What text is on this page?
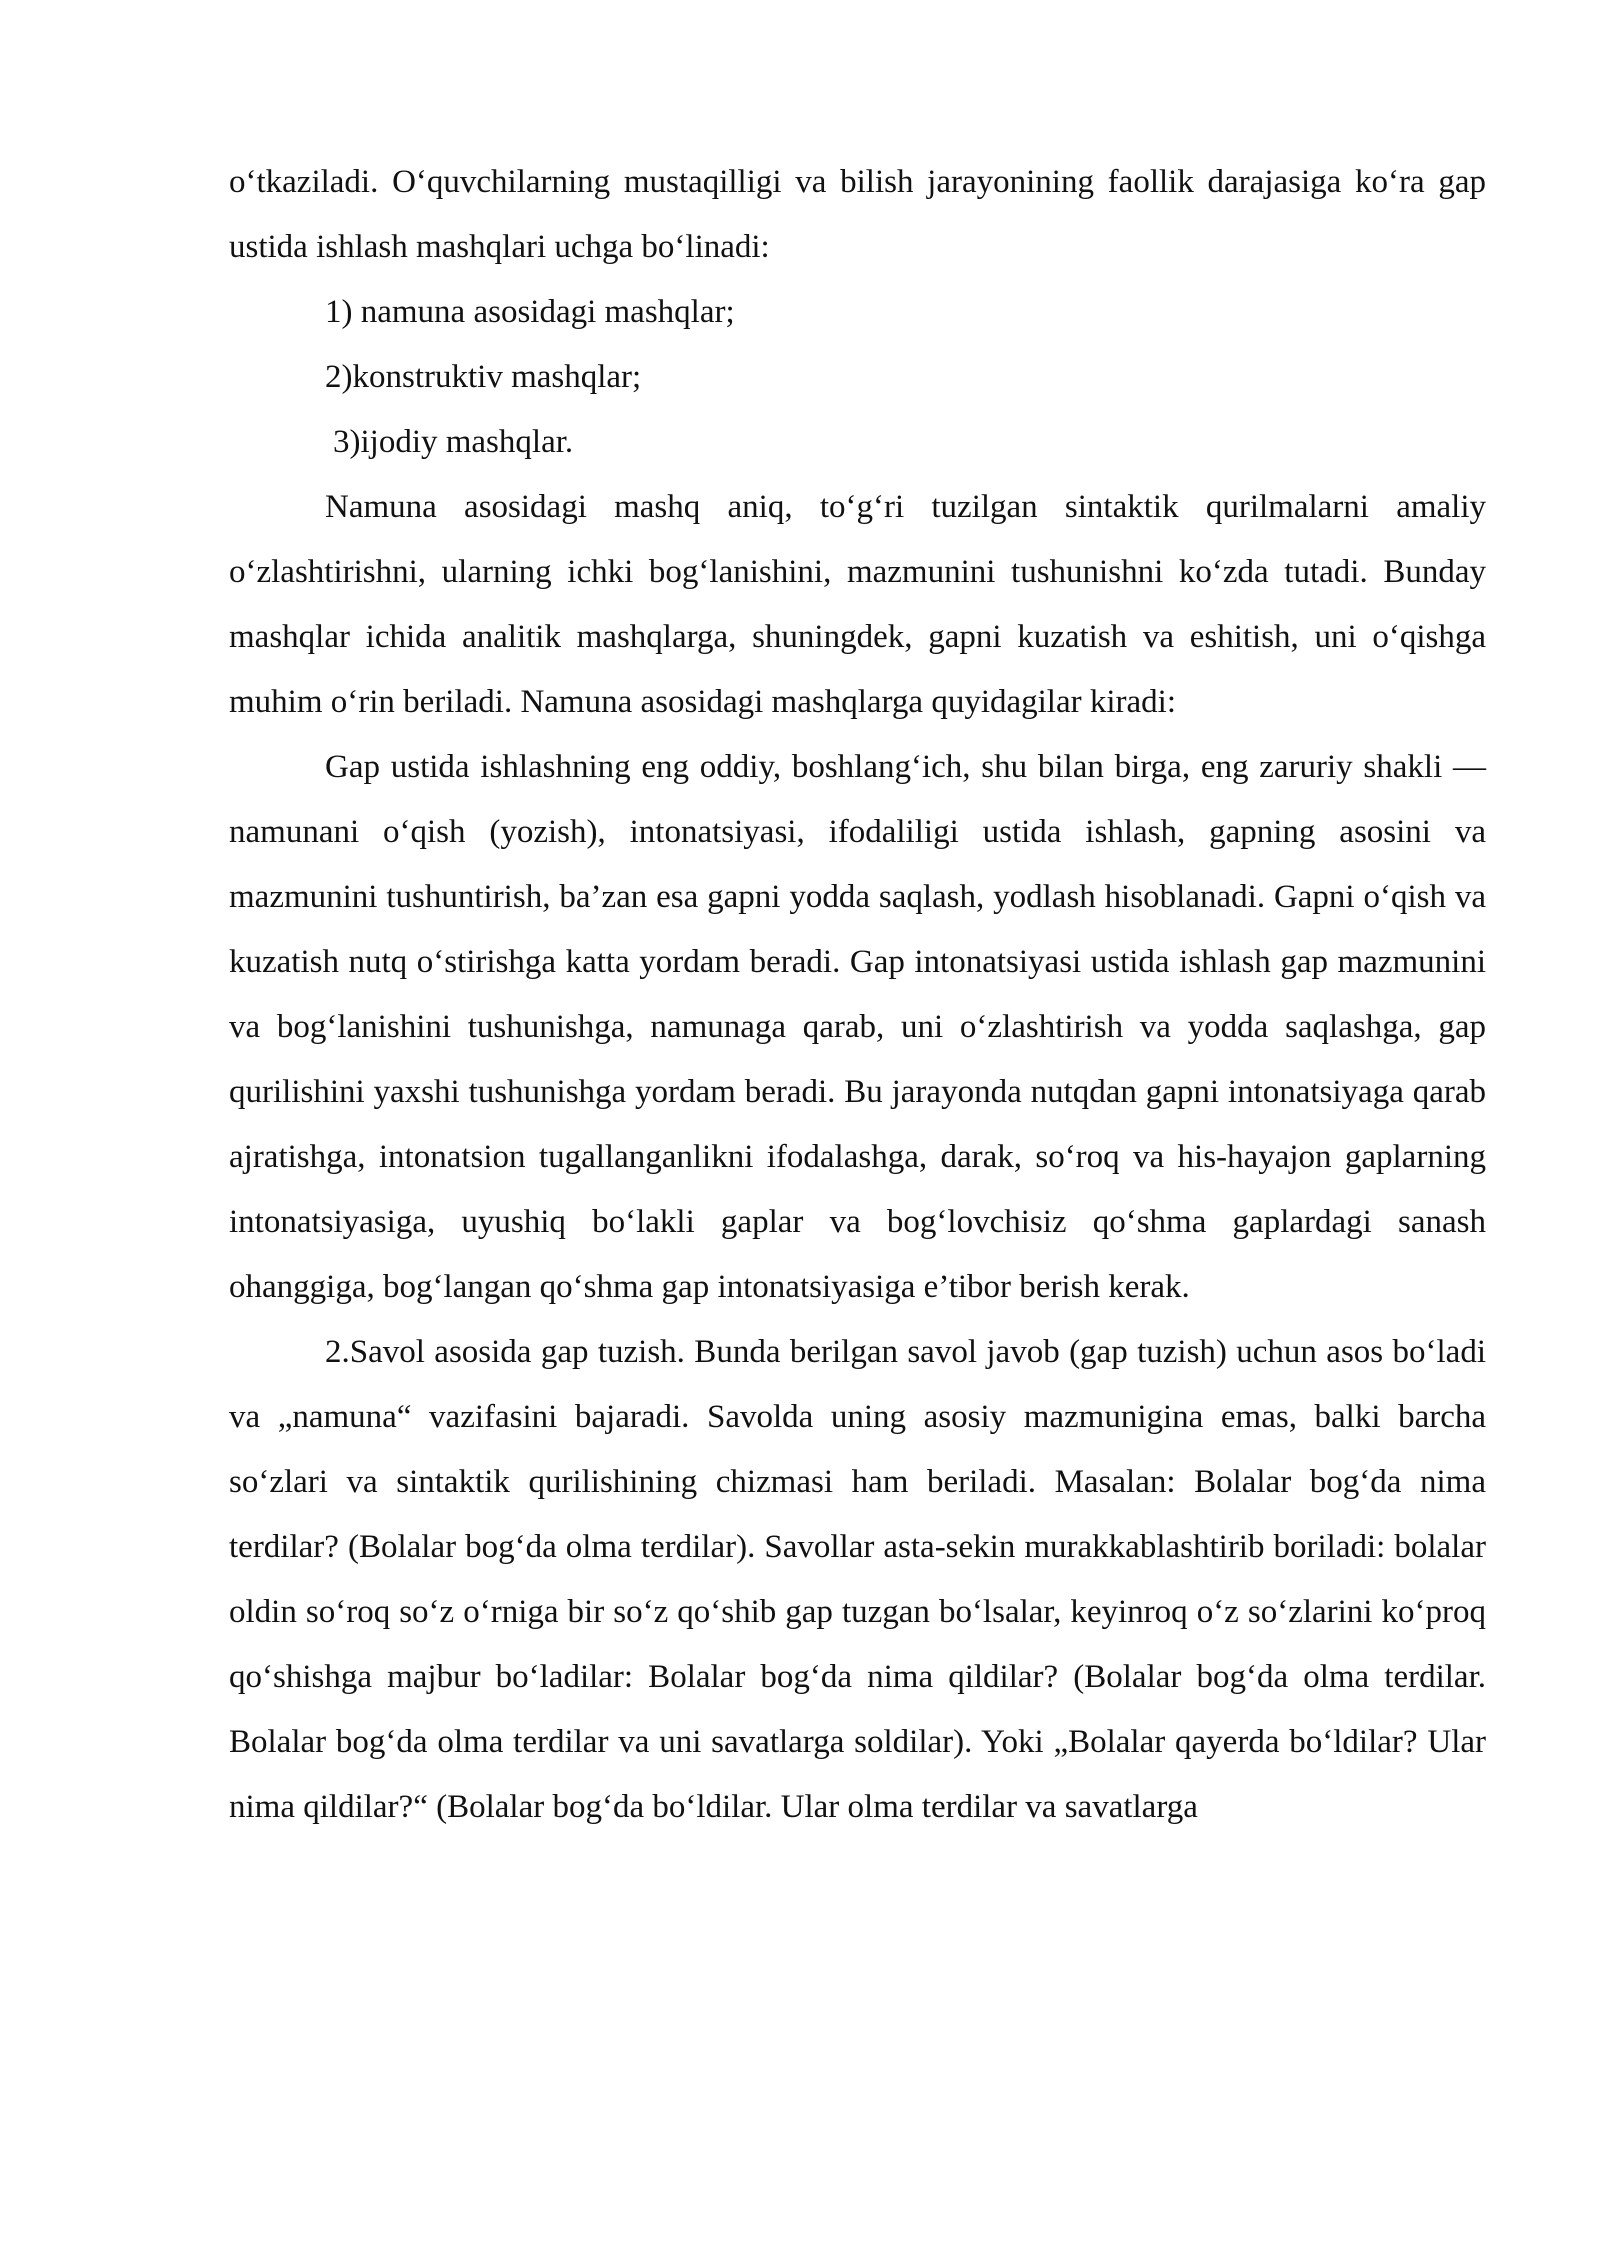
o‘tkaziladi. O‘quvchilarning mustaqilligi va bilish jarayonining faollik darajasiga ko‘ra gap ustida ishlash mashqlari uchga bo‘linadi:

1) namuna asosidagi mashqlar;

2)konstruktiv mashqlar;

3)ijodiy mashqlar.

Namuna asosidagi mashq aniq, to‘g‘ri tuzilgan sintaktik qurilmalarni amaliy o‘zlashtirishni, ularning ichki bog‘lanishini, mazmunini tushunishni ko‘zda tutadi. Bunday mashqlar ichida analitik mashqlarga, shuningdek, gapni kuzatish va eshitish, uni o‘qishga muhim o‘rin beriladi. Namuna asosidagi mashqlarga quyidagilar kiradi:

Gap ustida ishlashning eng oddiy, boshlang‘ich, shu bilan birga, eng zaruriy shakli — namunani o‘qish (yozish), intonatsiyasi, ifodaliligi ustida ishlash, gapning asosini va mazmunini tushuntirish, ba’zan esa gapni yodda saqlash, yodlash hisoblanadi. Gapni o‘qish va kuzatish nutq o‘stirishga katta yordam beradi. Gap intonatsiyasi ustida ishlash gap mazmunini va bog‘lanishini tushunishga, namunaga qarab, uni o‘zlashtirish va yodda saqlashga, gap qurilishini yaxshi tushunishga yordam beradi. Bu jarayonda nutqdan gapni intonatsiyaga qarab ajratishga, intonatsion tugallanganlikni ifodalashga, darak, so‘roq va his-hayajon gaplarning intonatsiyasiga, uyushiq bo‘lakli gaplar va bog‘lovchisiz qo‘shma gaplardagi sanash ohanggiga, bog‘langan qo‘shma gap intonatsiyasiga e’tibor berish kerak.

2.Savol asosida gap tuzish. Bunda berilgan savol javob (gap tuzish) uchun asos bo‘ladi va „namuna“ vazifasini bajaradi. Savolda uning asosiy mazmunigina emas, balki barcha so‘zlari va sintaktik qurilishining chizmasi ham beriladi. Masalan: Bolalar bog‘da nima terdilar? (Bolalar bog‘da olma terdilar). Savollar asta-sekin murakkablashtirib boriladi: bolalar oldin so‘roq so‘z o‘rniga bir so‘z qo‘shib gap tuzgan bo‘lsalar, keyinroq o‘z so‘zlarini ko‘proq qo‘shishga majbur bo‘ladilar: Bolalar bog‘da nima qildilar? (Bolalar bog‘da olma terdilar. Bolalar bog‘da olma terdilar va uni savatlarga soldilar). Yoki „Bolalar qayerda bo‘ldilar? Ular nima qildilar?“ (Bolalar bog‘da bo‘ldilar. Ular olma terdilar va savatlarga
